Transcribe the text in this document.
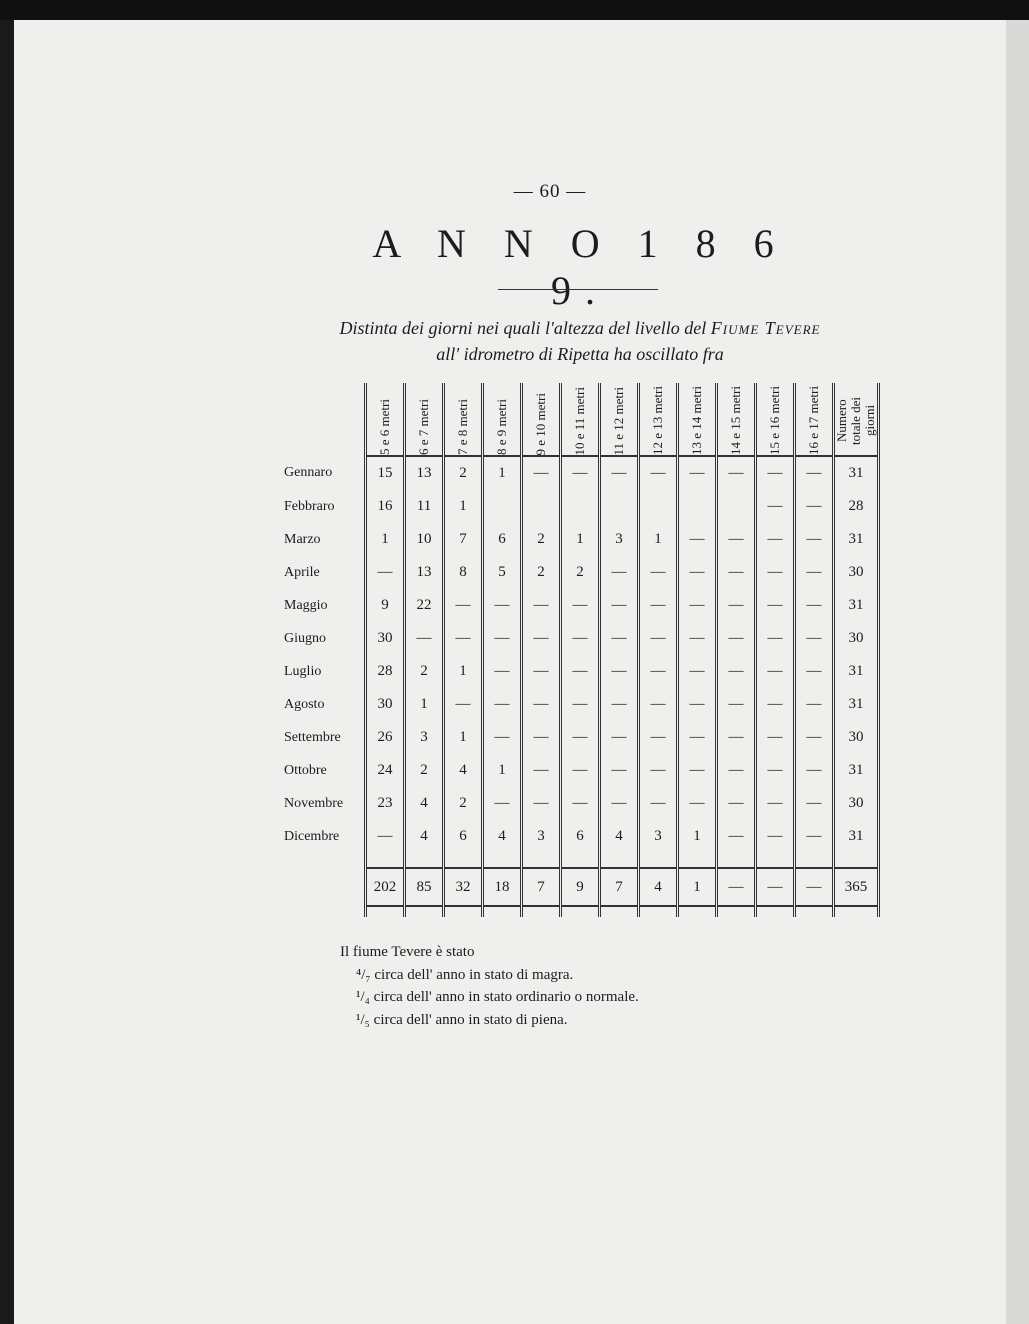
— 60 —
A N N O 1 8 6 9.
Distinta dei giorni nei quali l'altezza del livello del Fiume Tevere
all' idrometro di Ripetta ha oscillato fra

	5 e 6 metri	6 e 7 metri	7 e 8 metri	8 e 9 metri	9 e 10 metri	10 e 11 metri	11 e 12 metri	12 e 13 metri	13 e 14 metri	14 e 15 metri	15 e 16 metri	16 e 17 metri	Numero totale dei giorni

Gennaro	15	13	2	1	—	—	—	—	—	—	—	—	31
Febbraro	16	11	1								—	—	28
Marzo	1	10	7	6	2	1	3	1	—	—	—	—	31
Aprile	—	13	8	5	2	2	—	—	—	—	—	—	30
Maggio	9	22	—	—	—	—	—	—	—	—	—	—	31
Giugno	30	—	—	—	—	—	—	—	—	—	—	—	30
Luglio	28	2	1	—	—	—	—	—	—	—	—	—	31
Agosto	30	1	—	—	—	—	—	—	—	—	—	—	31
Settembre	26	3	1	—	—	—	—	—	—	—	—	—	30
Ottobre	24	2	4	1	—	—	—	—	—	—	—	—	31
Novembre	23	4	2	—	—	—	—	—	—	—	—	—	30
Dicembre	—	4	6	4	3	6	4	3	1	—	—	—	31

	202	85	32	18	7	9	7	4	1	—	—	—	365

Il fiume Tevere è stato
⁴/₇ circa dell' anno in stato di magra.
¹/₄ circa dell' anno in stato ordinario o normale.
¹/₅ circa dell' anno in stato di piena.
